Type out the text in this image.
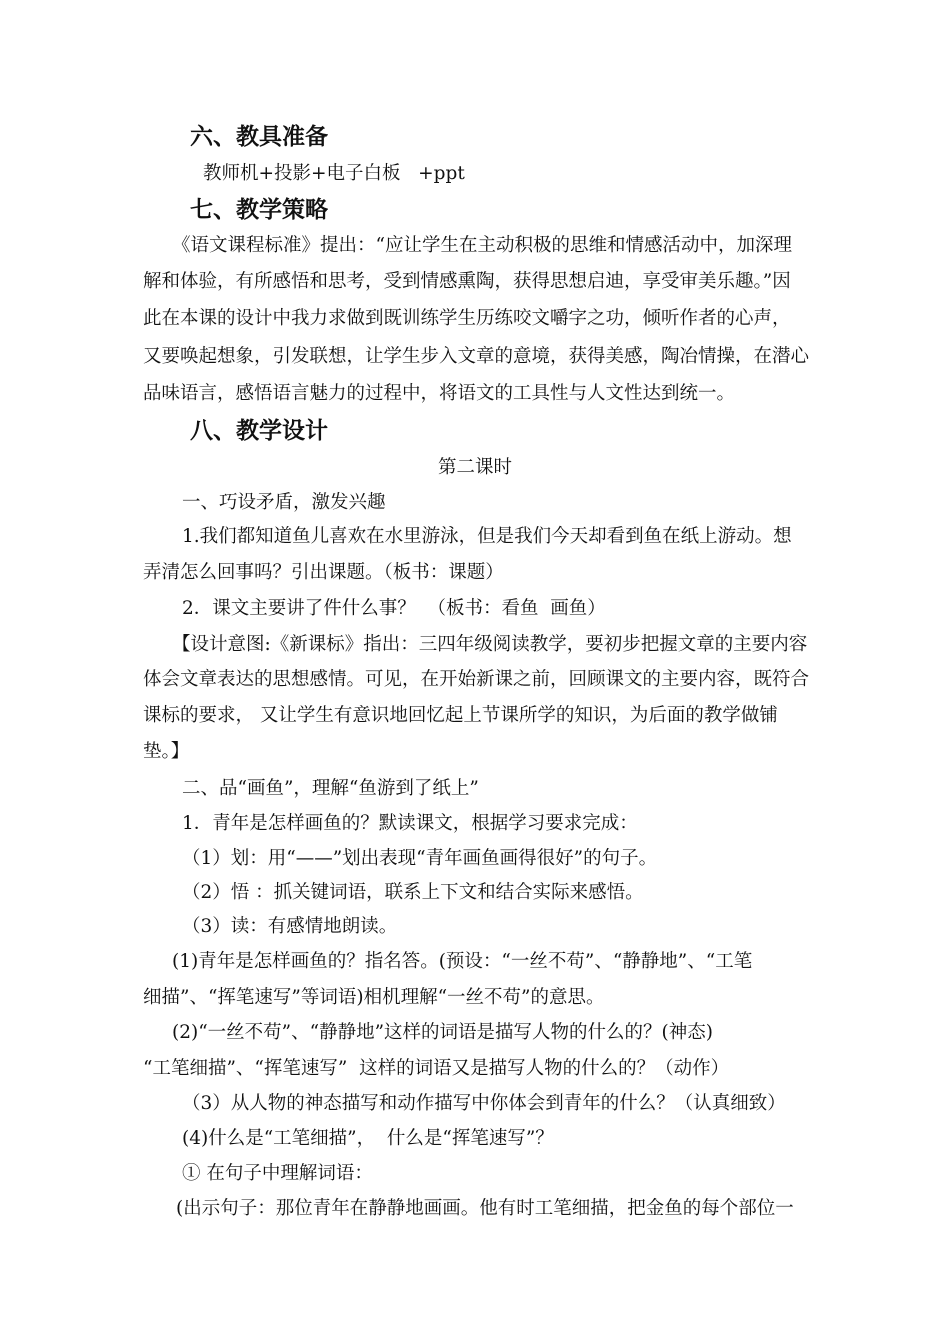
六、教具准备
教师机+投影+电子白板   +ppt
七、教学策略
《语文课程标准》提出：“应让学生在主动积极的思维和情感活动中，加深理
解和体验，有所感悟和思考，受到情感熏陶，获得思想启迪，享受审美乐趣。”因
此在本课的设计中我力求做到既训练学生历练咬文嚼字之功，倾听作者的心声，
又要唤起想象，引发联想，让学生步入文章的意境，获得美感，陶冶情操，在潜心
品味语言，感悟语言魅力的过程中，将语文的工具性与人文性达到统一。
八、教学设计
第二课时
一、巧设矛盾，激发兴趣
1.我们都知道鱼儿喜欢在水里游泳，但是我们今天却看到鱼在纸上游动。想
弄清怎么回事吗？引出课题。（板书：课题）
2．课文主要讲了件什么事？  （板书：看鱼  画鱼）
【设计意图:《新课标》指出：三四年级阅读教学，要初步把握文章的主要内容
体会文章表达的思想感情。可见，在开始新课之前，回顾课文的主要内容，既符合
课标的要求， 又让学生有意识地回忆起上节课所学的知识，为后面的教学做铺
垫。】
二、品“画鱼”，理解“鱼游到了纸上”
1．青年是怎样画鱼的？默读课文，根据学习要求完成：
（1）划：用“——”划出表现“青年画鱼画得很好”的句子。
（2）悟 ：抓关键词语，联系上下文和结合实际来感悟。
（3）读：有感情地朗读。
(1)青年是怎样画鱼的？指名答。(预设：“一丝不苟”、“静静地”、“工笔
细描”、“挥笔速写”等词语)相机理解“一丝不苟”的意思。
(2)“一丝不苟”、“静静地”这样的词语是描写人物的什么的？(神态)
“工笔细描”、“挥笔速写”  这样的词语又是描写人物的什么的？（动作）
（3）从人物的神态描写和动作描写中你体会到青年的什么？（认真细致）
(4)什么是“工笔细描”，  什么是“挥笔速写”？
① 在句子中理解词语：
(出示句子：那位青年在静静地画画。他有时工笔细描，把金鱼的每个部位一
